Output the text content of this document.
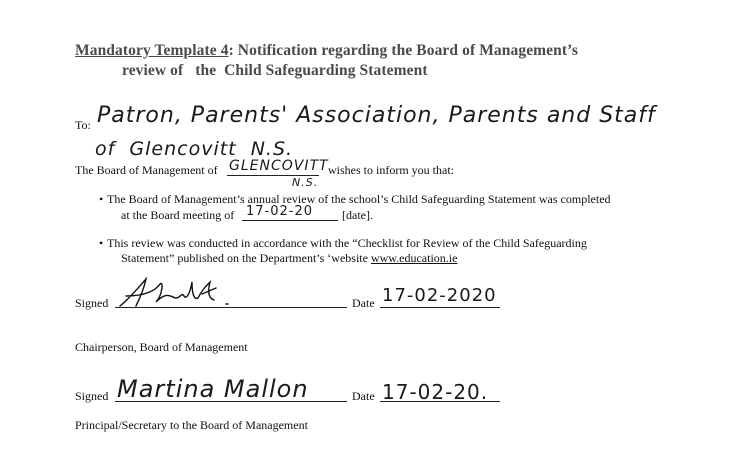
Mandatory Template 4: Notification regarding the Board of Management’s
review of   the  Child Safeguarding Statement
To: Patron, Parents' Association, Parents and Staff
of  Glencovitt  N.S.
The Board of Management of GLENCOVITT
N.S.
wishes to inform you that:
• The Board of Management’s annual review of the school’s Child Safeguarding Statement was completed
at the Board meeting of 17-02-20 [date].
• This review was conducted in accordance with the “Checklist for Review of the Child Safeguarding
Statement” published on the Department’s ‘website www.education.ie
Signed	Date 17-02-2020
Chairperson, Board of Management
Signed Martina Mallon	Date 17-02-20.
Principal/Secretary to the Board of Management
